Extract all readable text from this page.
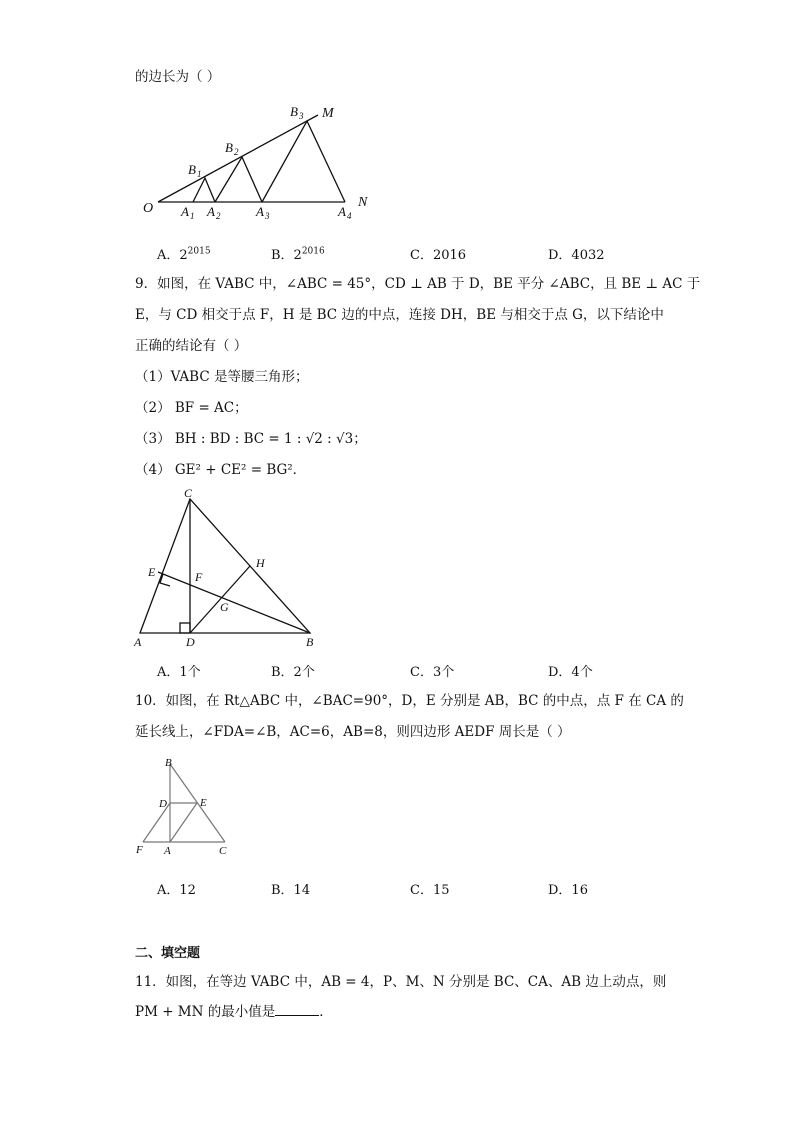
的边长为（ ）
O
M
N
B 1
B 2
B 3
A 1 A 2	A 3	A 4
A．$2^{2015}$	B．$2^{2016}$	C．2016	D．4032
9．如图，在 VABC 中，∠ABC = 45°，CD ⊥ AB 于 D，BE 平分 ∠ABC，且 BE ⊥ AC 于
E，与 CD 相交于点 F，H 是 BC 边的中点，连接 DH，BE 与相交于点 G，以下结论中
正确的结论有（ ）
（1）VABC 是等腰三角形；
（2） BF = AC；
（3） BH : BD : BC = 1 : √2 : √3；
（4） GE² + CE² = BG²．
C
E	F
H
G
A	D	B
A．1个	B．2个	C．3个	D．4个
10．如图，在 Rt△ABC 中，∠BAC=90°，D，E 分别是 AB，BC 的中点，点 F 在 CA 的
延长线上，∠FDA=∠B，AC=6，AB=8，则四边形 AEDF 周长是（ ）
B
D	E
F A	C
A．12	B．14	C．15	D．16
二、填空题
11．如图，在等边 VABC 中，AB = 4，P、M、N 分别是 BC、CA、AB 边上动点，则
PM + MN 的最小值是	．
